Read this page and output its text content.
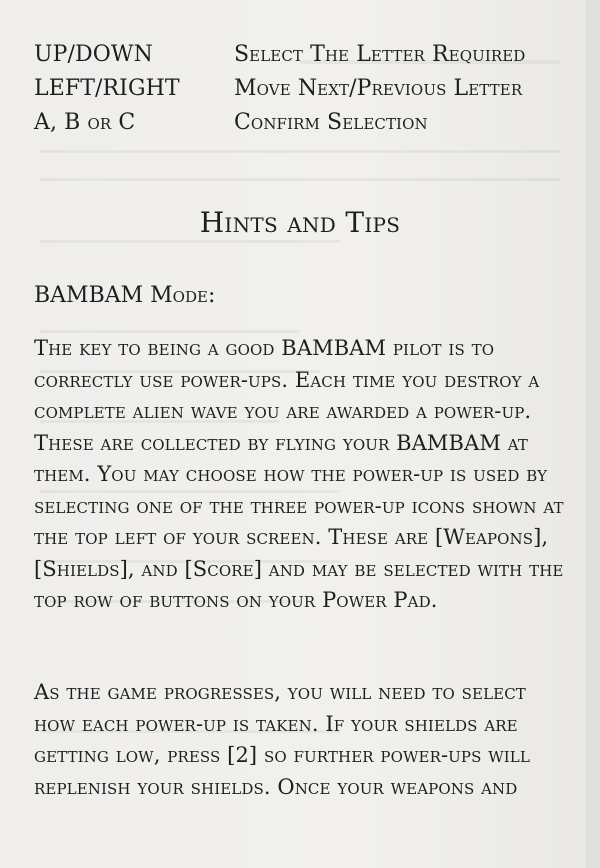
UP/DOWN	Select The Letter Required
LEFT/RIGHT	Move Next/Previous Letter
A, B or C	Confirm Selection
Hints and Tips
BAMBAM Mode:

The key to being a good BAMBAM pilot is to correctly use power-ups. Each time you destroy a complete alien wave you are awarded a power-up. These are collected by flying your BAMBAM at them. You may choose how the power-up is used by selecting one of the three power-up icons shown at the top left of your screen. These are [Weapons], [Shields], and [Score] and may be selected with the top row of buttons on your Power Pad.

As the game progresses, you will need to select how each power-up is taken. If your shields are getting low, press [2] so further power-ups will replenish your shields. Once your weapons and
